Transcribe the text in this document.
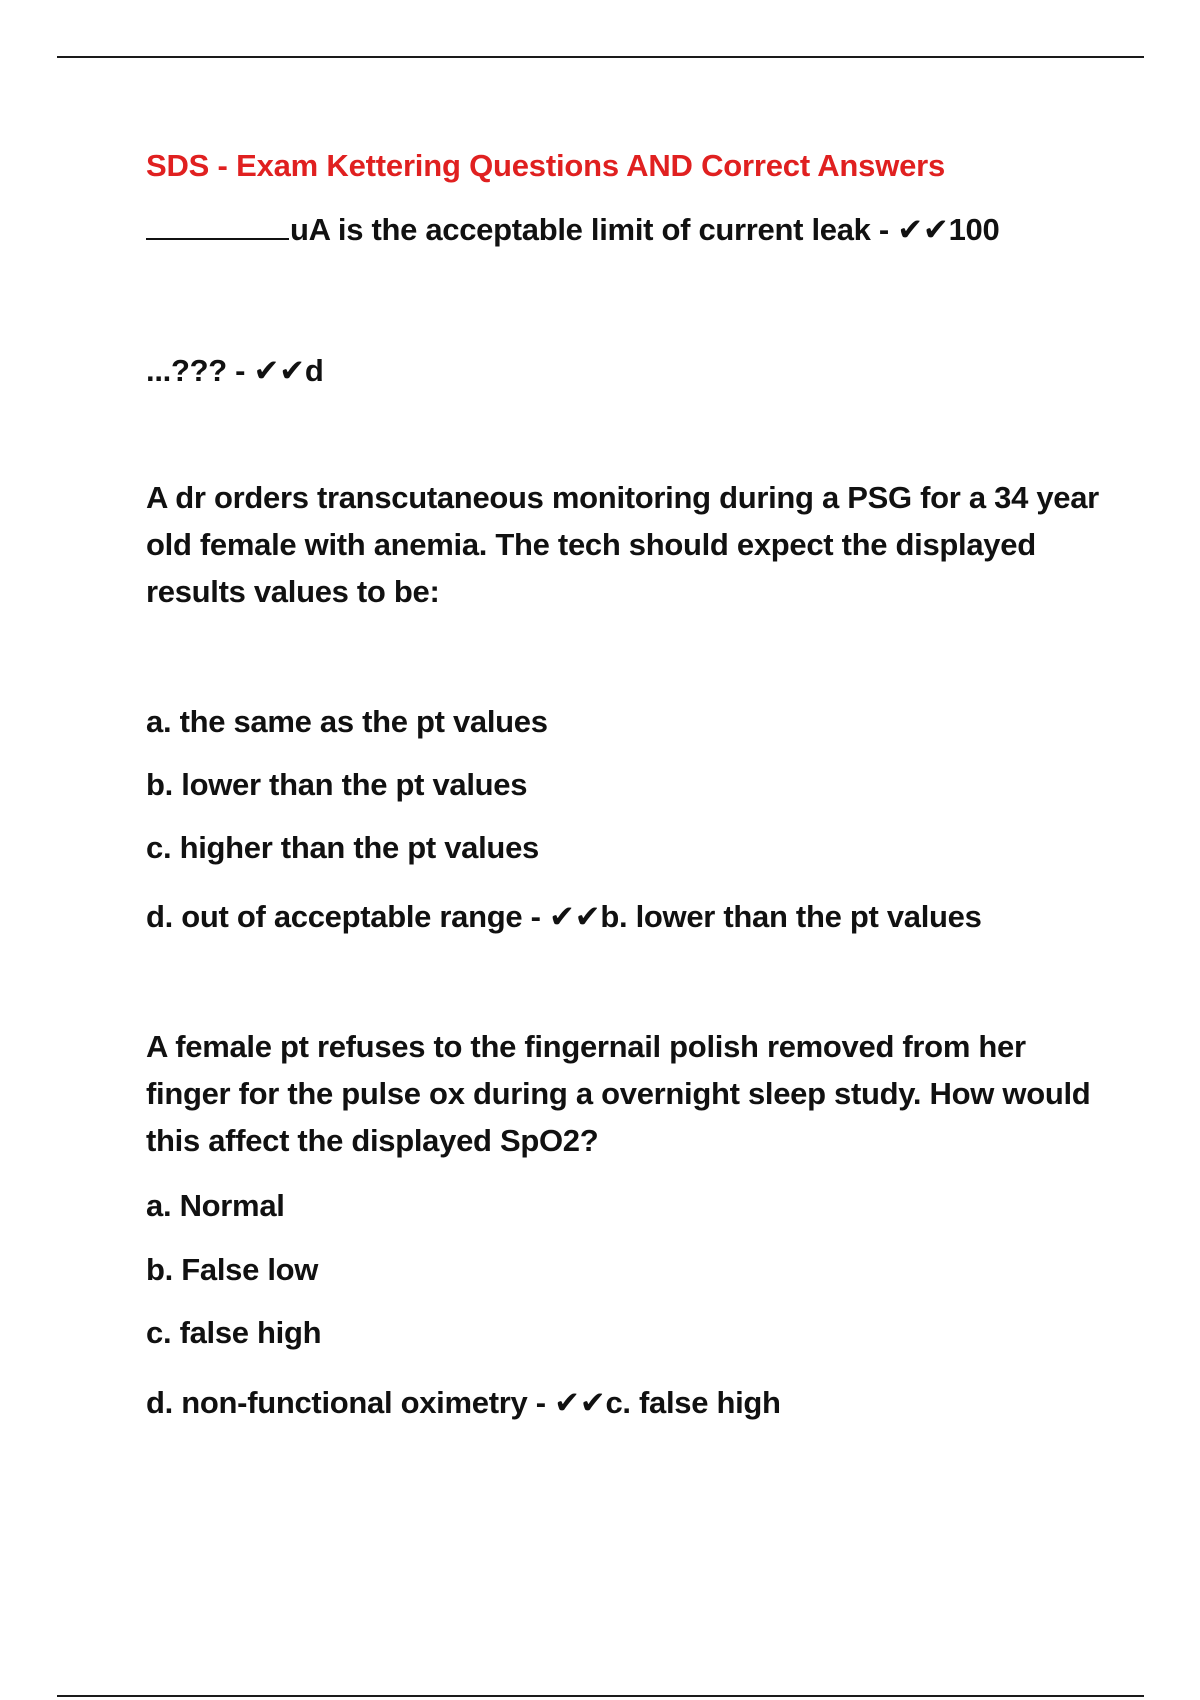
SDS - Exam Kettering Questions AND Correct Answers
uA is the acceptable limit of current leak - ✔✔100
...??? - ✔✔d
A dr orders transcutaneous monitoring during a PSG for a 34 year old female with anemia. The tech should expect the displayed results values to be:
a. the same as the pt values
b. lower than the pt values
c. higher than the pt values
d. out of acceptable range - ✔✔b. lower than the pt values
A female pt refuses to the fingernail polish removed from her finger for the pulse ox during a overnight sleep study. How would this affect the displayed SpO2?
a. Normal
b. False low
c. false high
d. non-functional oximetry - ✔✔c. false high
